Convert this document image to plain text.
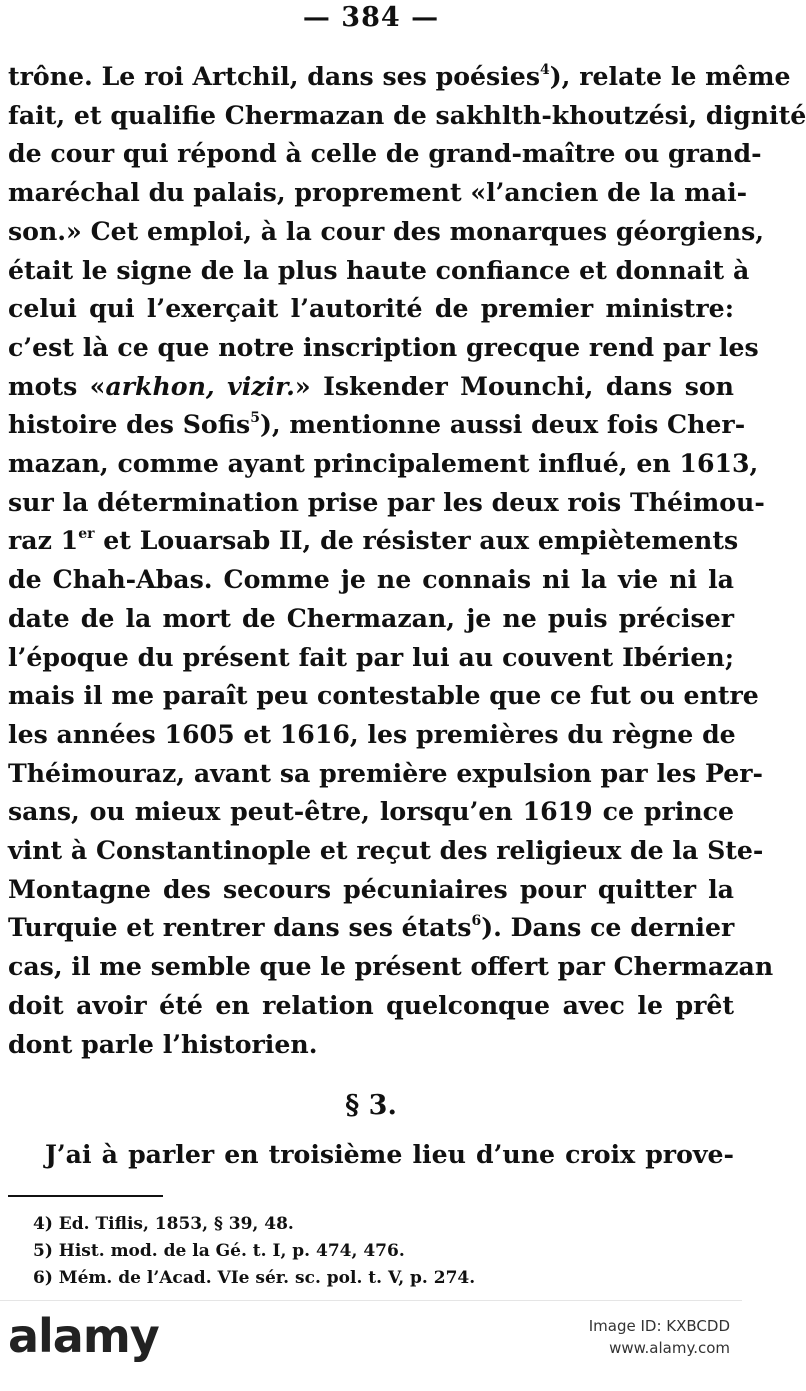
— 384 —
trône. Le roi Artchil, dans ses poésies$^4$), relate le même
fait, et qualifie Chermazan de sakhlth-khoutzési, dignité
de cour qui répond à celle de grand-maître ou grand-
maréchal du palais, proprement «l’ancien de la mai-
son.» Cet emploi, à la cour des monarques géorgiens,
était le signe de la plus haute confiance et donnait à
celui qui l’exerçait l’autorité de premier ministre:
c’est là ce que notre inscription grecque rend par les
mots «arkhon, vizir.» Iskender Mounchi, dans son
histoire des Sofis$^5$), mentionne aussi deux fois Cher-
mazan, comme ayant principalement influé, en 1613,
sur la détermination prise par les deux rois Théimou-
raz 1er et Louarsab II, de résister aux empiètements
de Chah-Abas. Comme je ne connais ni la vie ni la
date de la mort de Chermazan, je ne puis préciser
l’époque du présent fait par lui au couvent Ibérien;
mais il me paraît peu contestable que ce fut ou entre
les années 1605 et 1616, les premières du règne de
Théimouraz, avant sa première expulsion par les Per-
sans, ou mieux peut-être, lorsqu’en 1619 ce prince
vint à Constantinople et reçut des religieux de la Ste-
Montagne des secours pécuniaires pour quitter la
Turquie et rentrer dans ses états$^6$). Dans ce dernier
cas, il me semble que le présent offert par Chermazan
doit avoir été en relation quelconque avec le prêt
dont parle l’historien.
§ 3.
J’ai à parler en troisième lieu d’une croix prove-
4) Ed. Tiflis, 1853, § 39, 48.
5) Hist. mod. de la Gé. t. I, p. 474, 476.
6) Mém. de l’Acad. VIe sér. sc. pol. t. V, p. 274.
alamy	Image ID: KXBCDD
www.alamy.com
